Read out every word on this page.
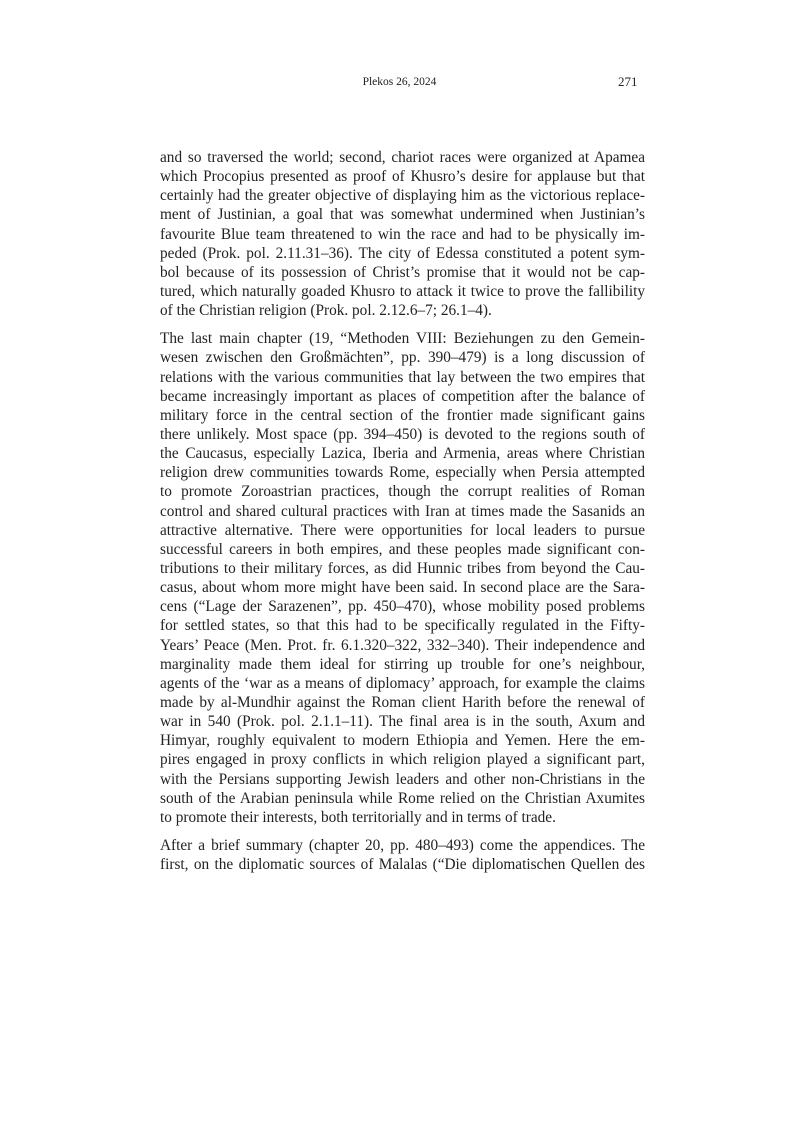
Plekos 26, 2024	271
and so traversed the world; second, chariot races were organized at Apamea
which Procopius presented as proof of Khusro’s desire for applause but that
certainly had the greater objective of displaying him as the victorious replace-
ment of Justinian, a goal that was somewhat undermined when Justinian’s
favourite Blue team threatened to win the race and had to be physically im-
peded (Prok. pol. 2.11.31–36). The city of Edessa constituted a potent sym-
bol because of its possession of Christ’s promise that it would not be cap-
tured, which naturally goaded Khusro to attack it twice to prove the fallibility
of the Christian religion (Prok. pol. 2.12.6–7; 26.1–4).
The last main chapter (19, “Methoden VIII: Beziehungen zu den Gemein-
wesen zwischen den Großmächten”, pp. 390–479) is a long discussion of
relations with the various communities that lay between the two empires that
became increasingly important as places of competition after the balance of
military force in the central section of the frontier made significant gains
there unlikely. Most space (pp. 394–450) is devoted to the regions south of
the Caucasus, especially Lazica, Iberia and Armenia, areas where Christian
religion drew communities towards Rome, especially when Persia attempted
to promote Zoroastrian practices, though the corrupt realities of Roman
control and shared cultural practices with Iran at times made the Sasanids an
attractive alternative. There were opportunities for local leaders to pursue
successful careers in both empires, and these peoples made significant con-
tributions to their military forces, as did Hunnic tribes from beyond the Cau-
casus, about whom more might have been said. In second place are the Sara-
cens (“Lage der Sarazenen”, pp. 450–470), whose mobility posed problems
for settled states, so that this had to be specifically regulated in the Fifty-
Years’ Peace (Men. Prot. fr. 6.1.320–322, 332–340). Their independence and
marginality made them ideal for stirring up trouble for one’s neighbour,
agents of the ‘war as a means of diplomacy’ approach, for example the claims
made by al-Mundhir against the Roman client Harith before the renewal of
war in 540 (Prok. pol. 2.1.1–11). The final area is in the south, Axum and
Himyar, roughly equivalent to modern Ethiopia and Yemen. Here the em-
pires engaged in proxy conflicts in which religion played a significant part,
with the Persians supporting Jewish leaders and other non-Christians in the
south of the Arabian peninsula while Rome relied on the Christian Axumites
to promote their interests, both territorially and in terms of trade.
After a brief summary (chapter 20, pp. 480–493) come the appendices. The
first, on the diplomatic sources of Malalas (“Die diplomatischen Quellen des
